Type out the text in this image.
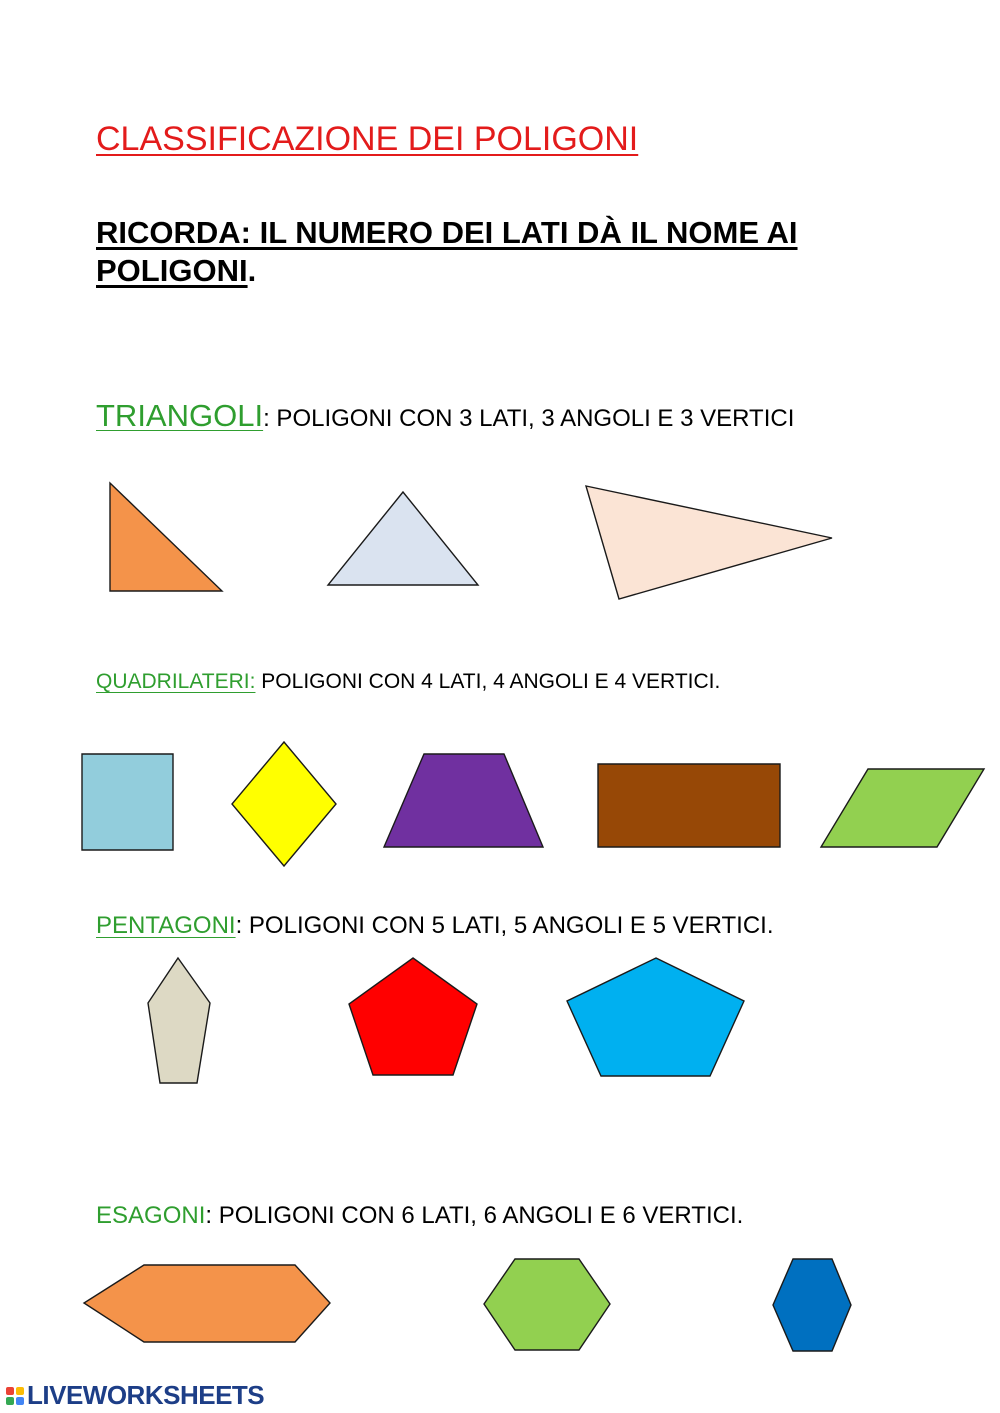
CLASSIFICAZIONE DEI POLIGONI

RICORDA: IL NUMERO DEI LATI DÀ IL NOME AI POLIGONI.

TRIANGOLI: POLIGONI CON 3 LATI, 3 ANGOLI E 3 VERTICI

QUADRILATERI: POLIGONI CON 4 LATI, 4 ANGOLI E 4 VERTICI.

PENTAGONI: POLIGONI CON 5 LATI, 5 ANGOLI E 5 VERTICI.

ESAGONI: POLIGONI CON 6 LATI, 6 ANGOLI E 6 VERTICI.

LIVEWORKSHEETS
